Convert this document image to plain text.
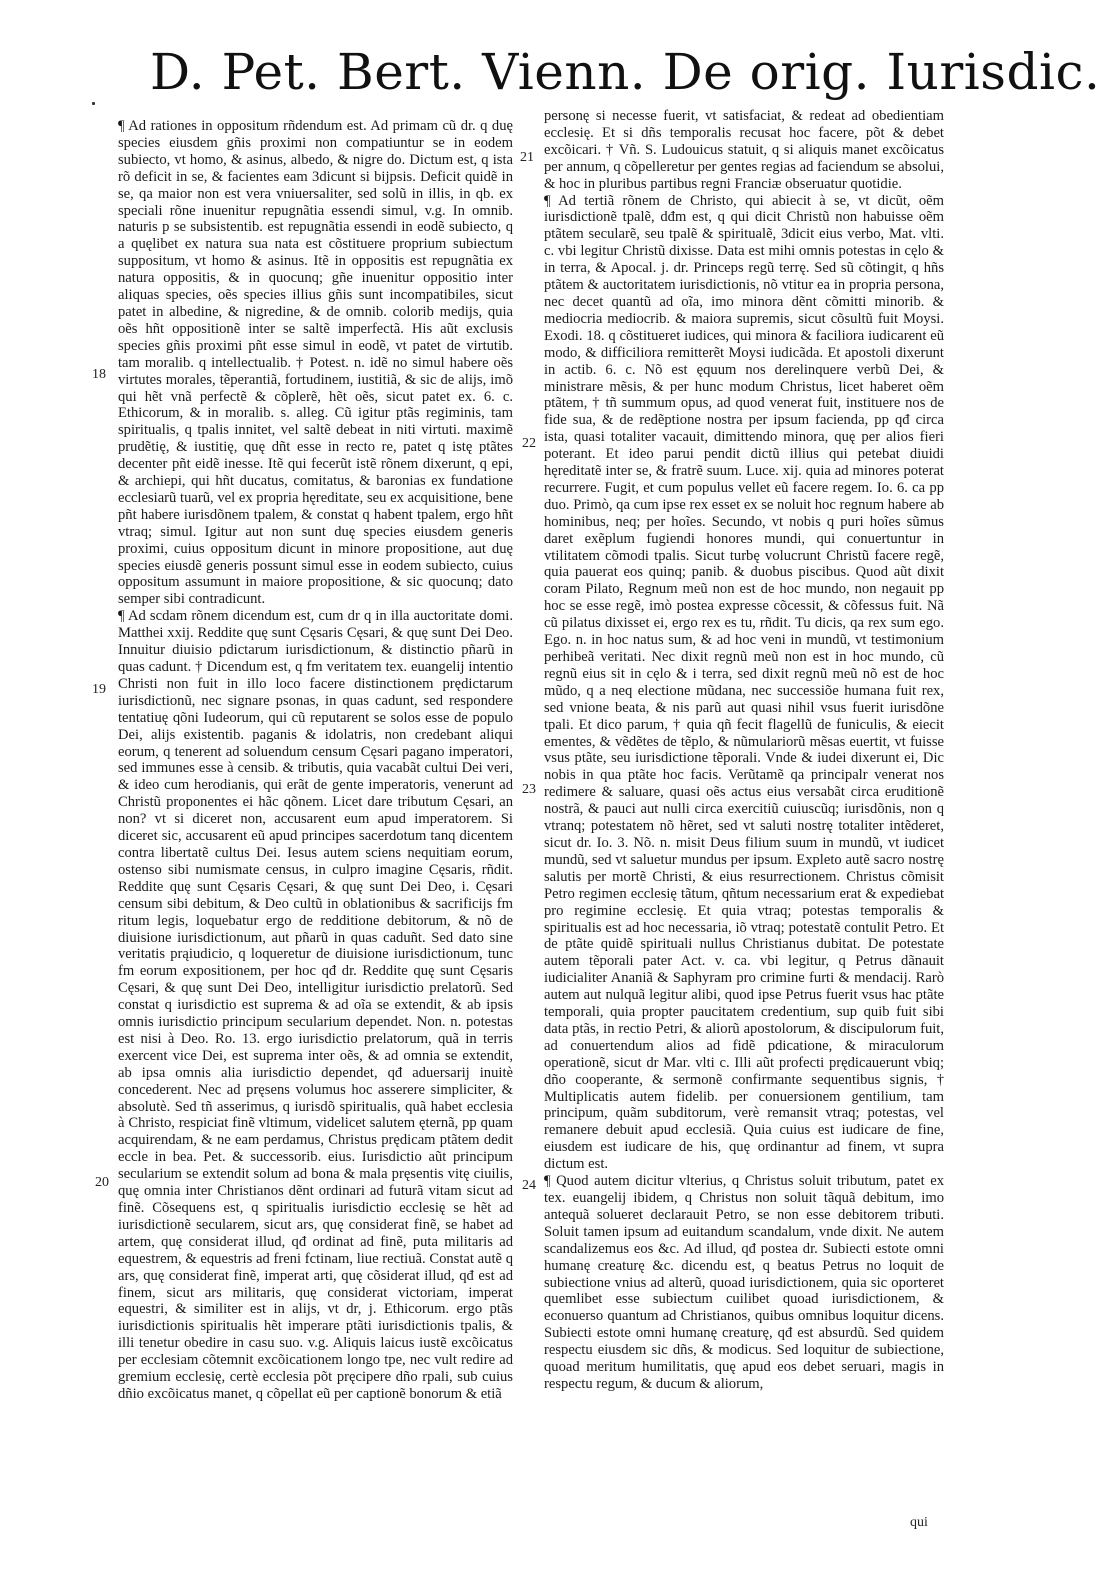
D. Pet. Bert. Vienn. De orig. Iurisdic.

¶ Ad rationes in oppositum rñdendum est. Ad primam cũ dr. q duę species eiusdem gñis proximi non compatiuntur se in eodem subiecto, vt homo, & asinus, albedo, & nigre do. Dictum est, q ista rõ deficit in se, & facientes eam 3dicunt si bijpsis. Deficit quidẽ in se, qa maior non est vera vniuersaliter, sed solũ in illis, in qb. ex speciali rõne inuenitur repugnãtia essendi simul, v.g. In omnib. naturis p se subsistentib. est repugnãtia essendi in eodẽ subiecto, q a quęlibet ex natura sua nata est cõstituere proprium subiectum suppositum, vt homo & asinus. Itẽ in oppositis est repugnãtia ex natura oppositis, & in quocunq; gñe inuenitur oppositio inter aliquas species, oẽs species illius gñis sunt incompatibiles, sicut patet in albedine, & nigredine, & de omnib. colorib medijs, quia oẽs hñt oppositionẽ inter se saltẽ imperfectã. His aũt exclusis species gñis proximi pñt esse simul in eodẽ, vt patet de virtutib. tam moralib. q intellectualib. † Potest. n. idẽ no simul habere oẽs virtutes morales, tẽperantiã, fortudinem, iustitiã, & sic de alijs, imõ qui hẽt vnã perfectẽ & cõplerẽ, hẽt oẽs, sicut patet ex. 6. c. Ethicorum, & in moralib. s. alleg. Cũ igitur ptãs regiminis, tam spiritualis, q tpalis innitet, vel saltẽ debeat in niti virtuti. maximẽ prudẽtię, & iustitię, quę dñt esse in recto re, patet q istę ptãtes decenter pñt eidẽ inesse. Itẽ qui fecerũt istẽ rõnem dixerunt, q epi, & archiepi, qui hñt ducatus, comitatus, & baronias ex fundatione ecclesiarũ tuarũ, vel ex propria hęreditate, seu ex acquisitione, bene pñt habere iurisdõnem tpalem, & constat q habent tpalem, ergo hñt vtraq; simul. Igitur aut non sunt duę species eiusdem generis proximi, cuius oppositum dicunt in minore propositione, aut duę species eiusdẽ generis possunt simul esse in eodem subiecto, cuius oppositum assumunt in maiore propositione, & sic quocunq; dato semper sibi contradicunt.

¶ Ad scdam rõnem dicendum est, cum dr q in illa auctoritate domi. Matthei xxij. Reddite quę sunt Cęsaris Cęsari, & quę sunt Dei Deo. Innuitur diuisio pdictarum iurisdictionum, & distinctio pñarũ in quas cadunt. † Dicendum est, q fm veritatem tex. euangelij intentio Christi non fuit in illo loco facere distinctionem prędictarum iurisdictionũ, nec signare psonas, in quas cadunt, sed respondere tentatiuę qõni Iudeorum, qui cũ reputarent se solos esse de populo Dei, alijs existentib. paganis & idolatris, non credebant aliqui eorum, q tenerent ad soluendum censum Cęsari pagano imperatori, sed immunes esse à censib. & tributis, quia vacabãt cultui Dei veri, & ideo cum herodianis, qui erãt de gente imperatoris, venerunt ad Christũ proponentes ei hãc qõnem. Licet dare tributum Cęsari, an non? vt si diceret non, accusarent eum apud imperatorem. Si diceret sic, accusarent eũ apud principes sacerdotum tanq dicentem contra libertatẽ cultus Dei. Iesus autem sciens nequitiam eorum, ostenso sibi numismate census, in culpro imagine Cęsaris, rñdit. Reddite quę sunt Cęsaris Cęsari, & quę sunt Dei Deo, i. Cęsari censum sibi debitum, & Deo cultũ in oblationibus & sacrificijs fm ritum legis, loquebatur ergo de redditione debitorum, & nõ de diuisione iurisdictionum, aut pñarũ in quas caduñt. Sed dato sine veritatis prąiudicio, q loqueretur de diuisione iurisdictionum, tunc fm eorum expositionem, per hoc qđ dr. Reddite quę sunt Cęsaris Cęsari, & quę sunt Dei Deo, intelligitur iurisdictio prelatorũ. Sed constat q iurisdictio est suprema & ad oĩa se extendit, & ab ipsis omnis iurisdictio principum secularium dependet. Non. n. potestas est nisi à Deo. Ro. 13. ergo iurisdictio prelatorum, quã in terris exercent vice Dei, est suprema inter oẽs, & ad omnia se extendit, ab ipsa omnis alia iurisdictio dependet, qđ aduersarij inuitè concederent. Nec ad pręsens volumus hoc asserere simpliciter, & absolutè. Sed tñ asserimus, q iurisdõ spiritualis, quã habet ecclesia à Christo, respiciat finẽ vltimum, videlicet salutem ęternã, pp quam acquirendam, & ne eam perdamus, Christus prędicam ptãtem dedit eccle in bea. Pet. & successorib. eius. Iurisdictio aũt principum secularium se extendit solum ad bona & mala pręsentis vitę ciuilis, quę omnia inter Christianos dẽnt ordinari ad futurã vitam sicut ad finẽ. Cõsequens est, q spiritualis iurisdictio ecclesię se hẽt ad iurisdictionẽ secularem, sicut ars, quę considerat finẽ, se habet ad artem, quę considerat illud, qđ ordinat ad finẽ, puta militaris ad equestrem, & equestris ad freni fctinam, liue rectiuã. Constat autẽ q ars, quę considerat finẽ, imperat arti, quę cõsiderat illud, qđ est ad finem, sicut ars militaris, quę considerat victoriam, imperat equestri, & similiter est in alijs, vt dr, j. Ethicorum. ergo ptãs iurisdictionis spiritualis hẽt imperare ptãti iurisdictionis tpalis, & illi tenetur obedire in casu suo. v.g. Aliquis laicus iustẽ excõicatus per ecclesiam cõtemnit excõicationem longo tpe, nec vult redire ad gremium ecclesię, certè ecclesia põt pręcipere dño rpali, sub cuius dñio excõicatus manet, q cõpellat eũ per captionẽ bonorum & etiã

personę si necesse fuerit, vt satisfaciat, & redeat ad obedientiam ecclesię. Et si dñs temporalis recusat hoc facere, põt & debet excõicari. † Vñ. S. Ludouicus statuit, q si aliquis manet excõicatus per annum, q cõpelleretur per gentes regias ad faciendum se absolui, & hoc in pluribus partibus regni Franciæ obseruatur quotidie.

¶ Ad tertiã rõnem de Christo, qui abiecit à se, vt dicũt, oẽm iurisdictionẽ tpalẽ, dđm est, q qui dicit Christũ non habuisse oẽm ptãtem secularẽ, seu tpalẽ & spiritualẽ, 3dicit eius verbo, Mat. vlti. c. vbi legitur Christũ dixisse. Data est mihi omnis potestas in cęlo & in terra, & Apocal. j. dr. Princeps regũ terrę. Sed sũ cõtingit, q hñs ptãtem & auctoritatem iurisdictionis, nõ vtitur ea in propria persona, nec decet quantũ ad oĩa, imo minora dẽnt cõmitti minorib. & mediocria mediocrib. & maiora supremis, sicut cõsultũ fuit Moysi. Exodi. 18. q cõstitueret iudices, qui minora & faciliora iudicarent eũ modo, & difficiliora remitterẽt Moysi iudicãda. Et apostoli dixerunt in actib. 6. c. Nõ est ęquum nos derelinquere verbũ Dei, & ministrare mẽsis, & per hunc modum Christus, licet haberet oẽm ptãtem, † tñ summum opus, ad quod venerat fuit, instituere nos de fide sua, & de redẽptione nostra per ipsum facienda, pp qđ circa ista, quasi totaliter vacauit, dimittendo minora, quę per alios fieri poterant. Et ideo parui pendit dictũ illius qui petebat diuidi hęreditatẽ inter se, & fratrẽ suum. Luce. xij. quia ad minores poterat recurrere. Fugit, et cum populus vellet eũ facere regem. Io. 6. ca pp duo. Primò, qa cum ipse rex esset ex se noluit hoc regnum habere ab hominibus, neq; per hoĩes. Secundo, vt nobis q puri hoĩes sũmus daret exẽplum fugiendi honores mundi, qui conuertuntur in vtilitatem cõmodi tpalis. Sicut turbę volucrunt Christũ facere regẽ, quia pauerat eos quinq; panib. & duobus piscibus. Quod aũt dixit coram Pilato, Regnum meũ non est de hoc mundo, non negauit pp hoc se esse regẽ, imò postea expresse cõcessit, & cõfessus fuit. Nã cũ pilatus dixisset ei, ergo rex es tu, rñdit. Tu dicis, qa rex sum ego. Ego. n. in hoc natus sum, & ad hoc veni in mundũ, vt testimonium perhibeã veritati. Nec dixit regnũ meũ non est in hoc mundo, cũ regnũ eius sit in cęlo & i terra, sed dixit regnũ meũ nõ est de hoc mũdo, q a neq electione mũdana, nec successiõe humana fuit rex, sed vnione beata, & nis parũ aut quasi nihil vsus fuerit iurisdõne tpali. Et dico parum, † quia qñ fecit flagellũ de funiculis, & eiecit ementes, & vẽdẽtes de tẽplo, & nũmulariorũ mẽsas euertit, vt fuisse vsus ptãte, seu iurisdictione tẽporali. Vnde & iudei dixerunt ei, Dic nobis in qua ptãte hoc facis. Verũtamẽ qa principalr venerat nos redimere & saluare, quasi oẽs actus eius versabãt circa eruditionẽ nostrã, & pauci aut nulli circa exercitiũ cuiuscũq; iurisdõnis, non q vtranq; potestatem nõ hẽret, sed vt saluti nostrę totaliter intẽderet, sicut dr. Io. 3. Nõ. n. misit Deus filium suum in mundũ, vt iudicet mundũ, sed vt saluetur mundus per ipsum. Expleto autẽ sacro nostrę salutis per mortẽ Christi, & eius resurrectionem. Christus cõmisit Petro regimen ecclesię tãtum, qñtum necessarium erat & expediebat pro regimine ecclesię. Et quia vtraq; potestas temporalis & spiritualis est ad hoc necessaria, iõ vtraq; potestatẽ contulit Petro. Et de ptãte quidẽ spirituali nullus Christianus dubitat. De potestate autem tẽporali pater Act. v. ca. vbi legitur, q Petrus dãnauit iudicialiter Ananiã & Saphyram pro crimine furti & mendacij. Rarò autem aut nulquã legitur alibi, quod ipse Petrus fuerit vsus hac ptãte temporali, quia propter paucitatem credentium, sup quib fuit sibi data ptãs, in rectio Petri, & aliorũ apostolorum, & discipulorum fuit, ad conuertendum alios ad fidẽ pdicatione, & miraculorum operationẽ, sicut dr Mar. vlti c. Illi aũt profecti prędicauerunt vbiq; dño cooperante, & sermonẽ confirmante sequentibus signis, † Multiplicatis autem fidelib. per conuersionem gentilium, tam principum, quãm subditorum, verè remansit vtraq; potestas, vel remanere debuit apud ecclesiã. Quia cuius est iudicare de fine, eiusdem est iudicare de his, quę ordinantur ad finem, vt supra dictum est.

¶ Quod autem dicitur vlterius, q Christus soluit tributum, patet ex tex. euangelij ibidem, q Christus non soluit tãquã debitum, imo antequã solueret declarauit Petro, se non esse debitorem tributi. Soluit tamen ipsum ad euitandum scandalum, vnde dixit. Ne autem scandalizemus eos &c. Ad illud, qđ postea dr. Subiecti estote omni humanę creaturę &c. dicendu est, q beatus Petrus no loquit de subiectione vnius ad alterũ, quoad iurisdictionem, quia sic oporteret quemlibet esse subiectum cuilibet quoad iurisdictionem, & econuerso quantum ad Christianos, quibus omnibus loquitur dicens. Subiecti estote omni humanę creaturę, qđ est absurdũ. Sed quidem respectu eiusdem sic dñs, & modicus. Sed loquitur de subiectione, quoad meritum humilitatis, quę apud eos debet seruari, magis in respectu regum, & ducum & aliorum,

21
18
22
19
23
20	24
qui
